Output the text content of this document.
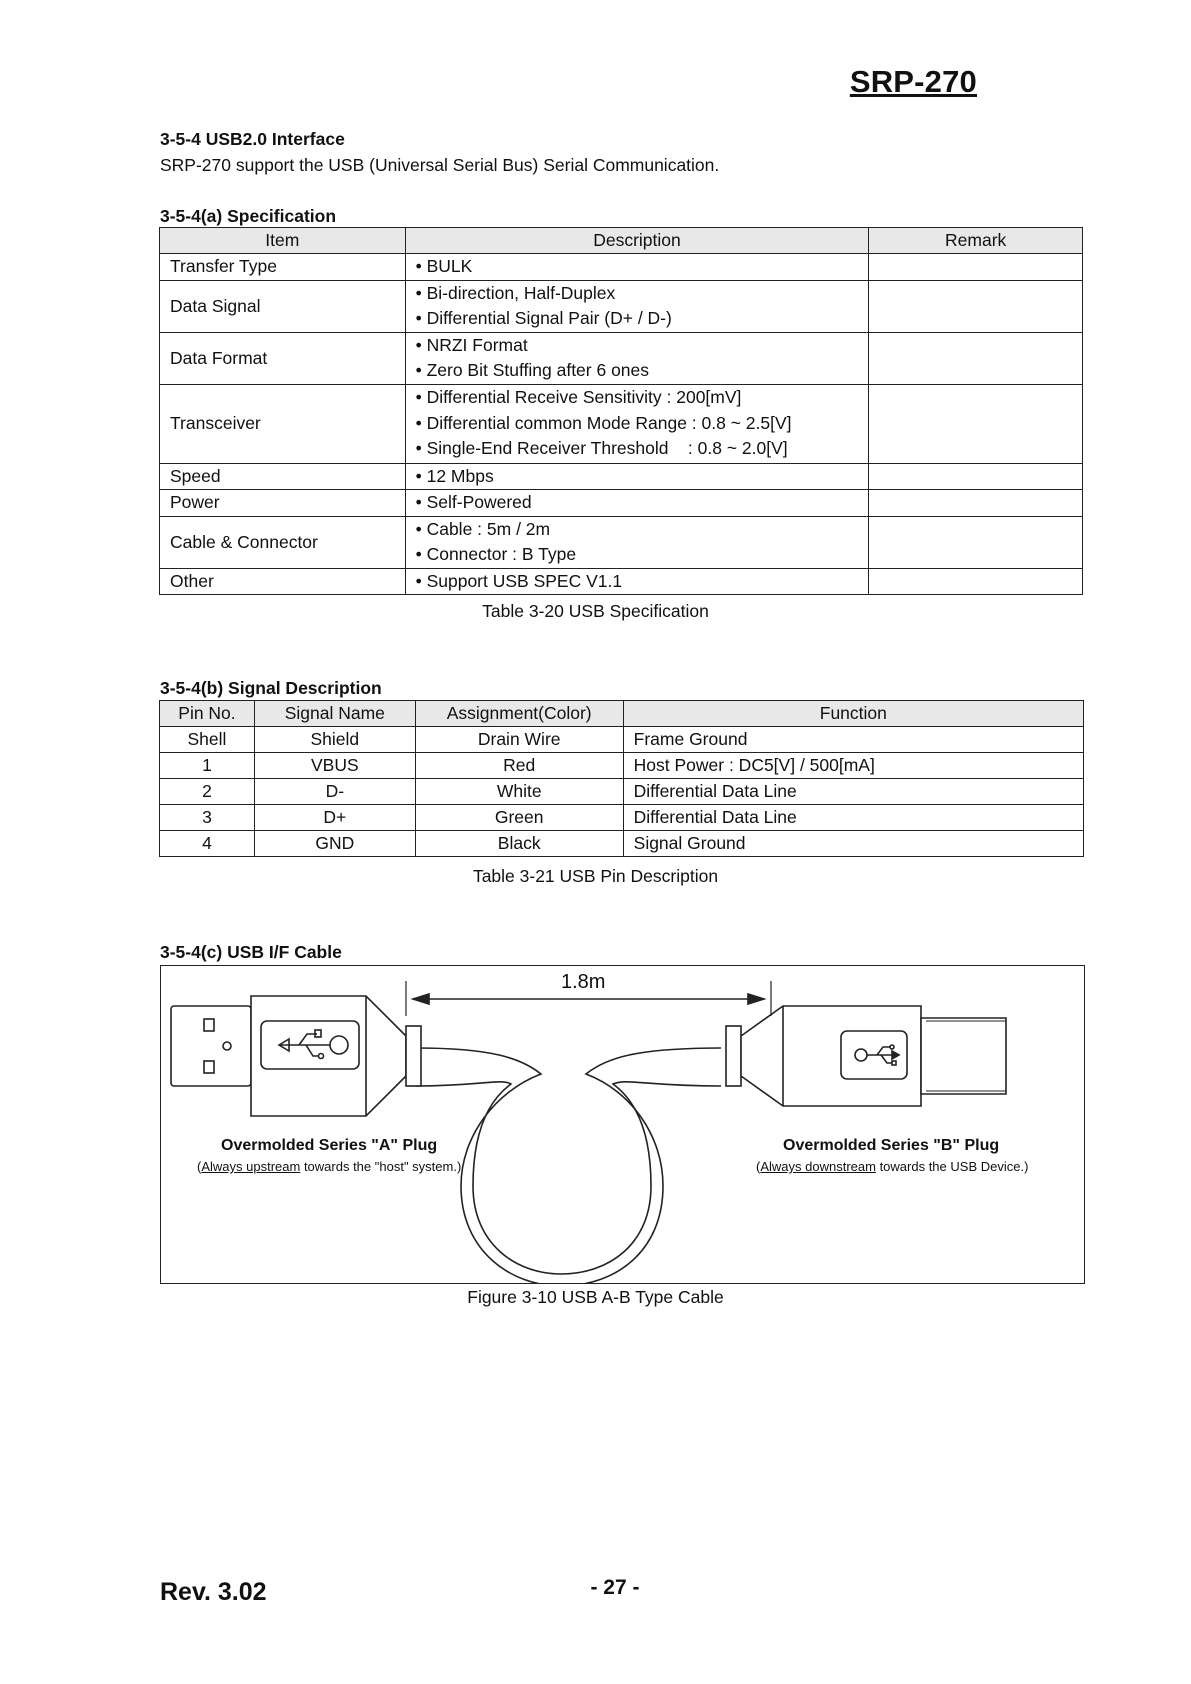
SRP-270
3-5-4 USB2.0 Interface
SRP-270 support the USB (Universal Serial Bus) Serial Communication.
3-5-4(a) Specification
Item	Description	Remark
Transfer Type	• BULK	

Data Signal	• Bi-direction, Half-Duplex
• Differential Signal Pair (D+ / D-)	

Data Format	• NRZI Format
• Zero Bit Stuffing after 6 ones	

Transceiver	• Differential Receive Sensitivity : 200[mV]
• Differential common Mode Range : 0.8 ~ 2.5[V]
• Single-End Receiver Threshold    : 0.8 ~ 2.0[V]	

Speed	• 12 Mbps	

Power	• Self-Powered	

Cable & Connector	• Cable : 5m / 2m
• Connector : B Type	

Other	• Support USB SPEC V1.1	

Table 3-20 USB Specification
3-5-4(b) Signal Description
Pin No.	Signal Name	Assignment(Color)	Function
Shell	Shield	Drain Wire	Frame Ground
1	VBUS	Red	Host Power : DC5[V] / 500[mA]
2	D-	White	Differential Data Line
3	D+	Green	Differential Data Line
4	GND	Black	Signal Ground
Table 3-21 USB Pin Description
3-5-4(c) USB I/F Cable
1.8m
Overmolded Series "A" Plug
(Always upstream towards the "host" system.)
Overmolded Series "B" Plug
(Always downstream towards the USB Device.)
Figure 3-10 USB A-B Type Cable
Rev. 3.02	- 27 -
